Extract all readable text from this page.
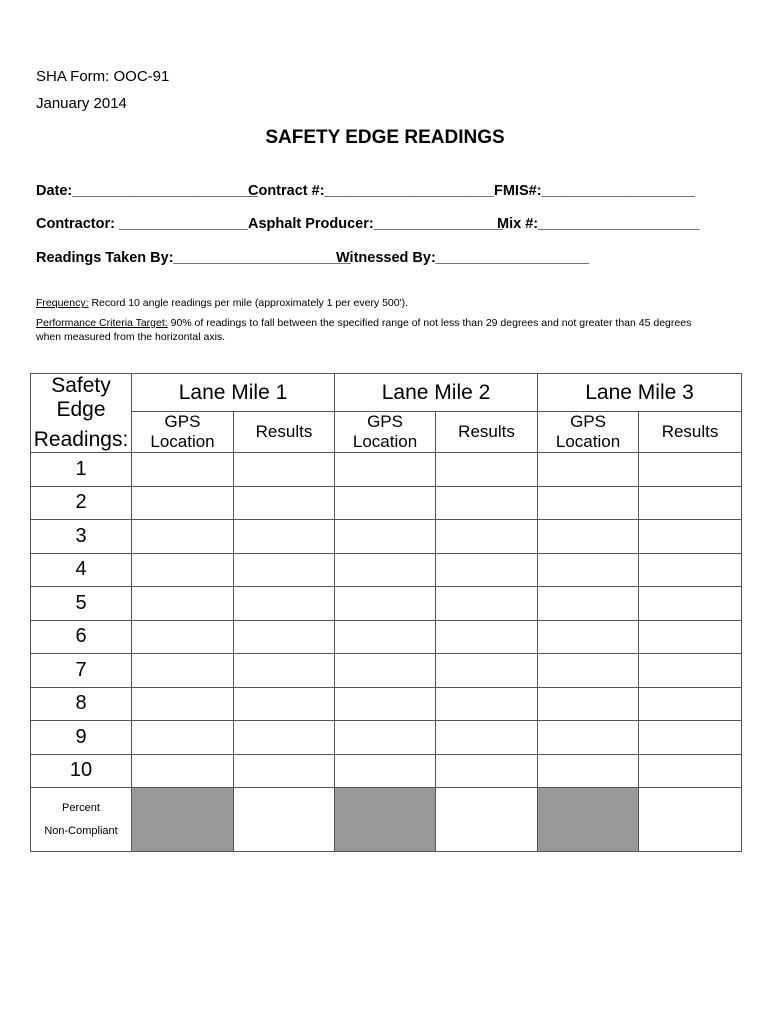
SHA Form: OOC-91
January 2014
SAFETY EDGE READINGS
Date:_______________________
Contract #:_____________________ FMIS#:___________________
Contractor: ________________ Asphalt Producer:________________
Mix #:____________________
Readings Taken By:______________________
Witnessed By:___________________
Frequency: Record 10 angle readings per mile (approximately 1 per every 500').
Performance Criteria Target: 90% of readings to fall between the specified range of not less than 29 degrees and not greater than 45 degrees when measured from the horizontal axis.
Safety Edge
Readings:	Lane Mile 1		Lane Mile 2		Lane Mile 3	
	GPS Location	Results	GPS Location	Results	GPS Location	Results
1						
2						
3						
4						
5						
6						
7						
8						
9						
10						

Percent
Non-Compliant						
